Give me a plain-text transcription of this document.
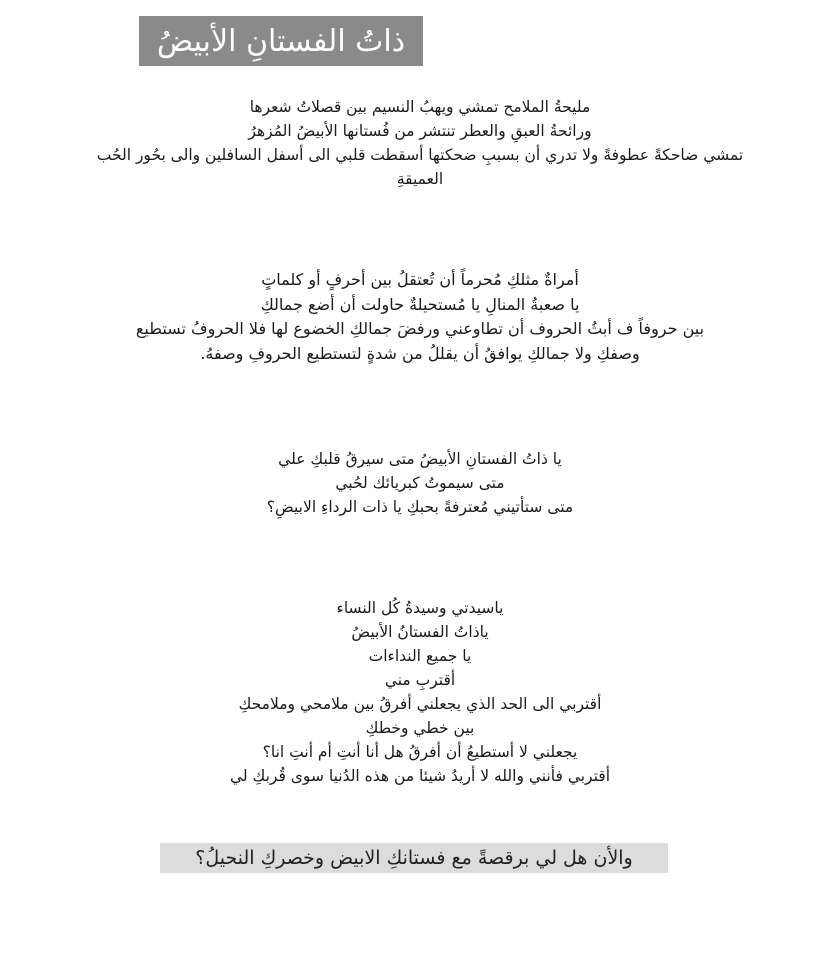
ذاتُ الفستانِ الأبيضُ
مليحةُ الملامح تمشي ويهبُ النسيم بين قصلاتُ شعرها
ورائحةُ العبقِ والعطر تنتشر من فُستانها الأبيضُ المُزهرُ
تمشي ضاحكةً عطوفةً ولا تدري أن بسببِ ضحكتها أسقطت قلبي الى أسفل السافلين والى بحُور الحُب العميقةِ
أمراةٌ مثلكِ مُحرماً أن تُعتقلُ بين أحرفٍ أو كلماتٍ
يا صعبةُ المنالِ يا مُستحيلةٌ حاولت أن أضع جمالكِ
بين حروفاً ف أبثُ الحروف أن تطاوعني ورفضَ جمالكِ الخضوع لها فلا الحروفُ تستطيع
وصفكِ ولا جمالكِ يوافقُ أن يقللُ من شدةٍ لتستطيع الحروفِ وصفهُ.
يا ذاتُ الفستانِ الأبيضُ متى سيرقُ قلبكِ علي
متى سيموتُ كبريائك لحُبي
متى ستأتيني مُعترفةً بحبكِ يا ذات الرداءِ الابيضِ؟
ياسيدتي وسيدةُ كُل النساء
ياذاتُ الفستانُ الأبيضُ
يا جميع النداءات
أقتربِ مني
أقتربي الى الحد الذي يجعلني أفرقُ بين ملامحي وملامحكِ
بين خطي وخطكِ
يجعلني لا أستطيعُ أن أفرقُ هل أنا أنتِ أم أنتِ انا؟
أقتربي فأنني والله لا أريدُ شيئا من هذه الدُنيا سوى قُربكِ لي
والأن هل لي برقصةً مع فستانكِ الابيض وخصركِ النحيلُ؟
